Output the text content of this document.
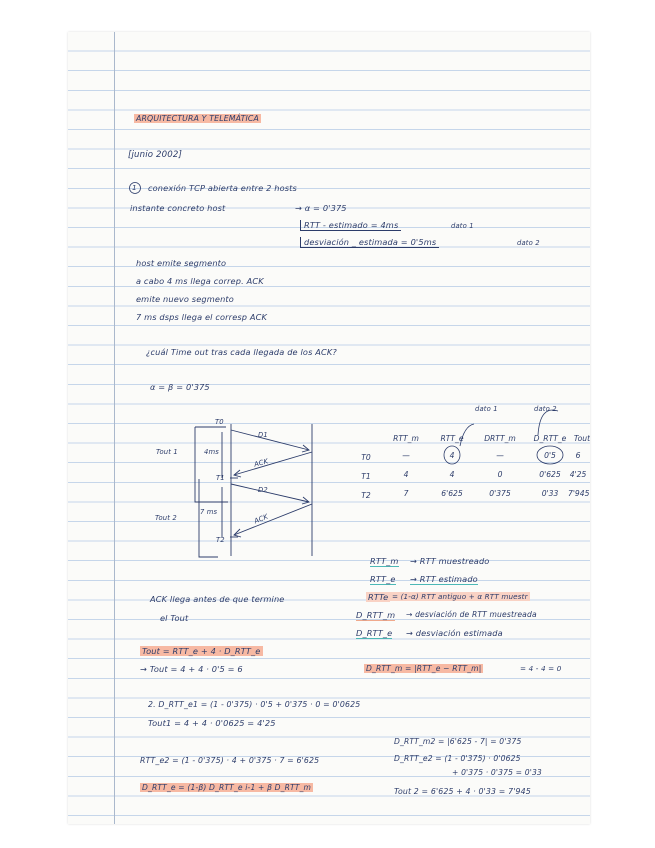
ARQUITECTURA Y TELEMÁTICA
[junio 2002]
1 conexión TCP abierta entre 2 hosts
instante concreto host	→ α = 0'375
RTT - estimado = 4ms	dato 1
desviación _ estimada = 0'5ms	dato 2
host emite segmento
a cabo 4 ms llega correp. ACK
emite nuevo segmento
7 ms dsps llega el corresp ACK
¿cuál Time out tras cada llegada de los ACK?
α = β = 0'375
T0
T1
T2
Tout 1
Tout 2
4ms
7 ms
D1
D2
ACK
ACK
dato 1	dato 2
RTT_m	RTT_e	DRTT_m	D_RTT_e Tout
T0	—	4	—	0'5	6
T1	4	4	0	0'625	4'25
T2	7	6'625	0'375	0'33	7'945
RTT_m → RTT muestreado
RTT_e → RTT estimado
RTTe = (1-α) RTT antiguo + α RTT muestr
D_RTT_m → desviación de RTT muestreada
D_RTT_e → desviación estimada
ACK llega antes de que termine
el Tout
Tout = RTT_e + 4 · D_RTT_e
→ Tout = 4 + 4 · 0'5 = 6	D_RTT_m = |RTT_e − RTT_m|	= 4 - 4 = 0
2. D_RTT_e1 = (1 - 0'375) · 0'5 + 0'375 · 0 = 0'0625
Tout1 = 4 + 4 · 0'0625 = 4'25
D_RTT_m2 = |6'625 - 7| = 0'375
RTT_e2 = (1 - 0'375) · 4 + 0'375 · 7 = 6'625	D_RTT_e2 = (1 - 0'375) · 0'0625
+ 0'375 · 0'375 = 0'33
D_RTT_e = (1-β) D_RTT_e i-1 + β D_RTT_m	Tout 2 = 6'625 + 4 · 0'33 = 7'945
